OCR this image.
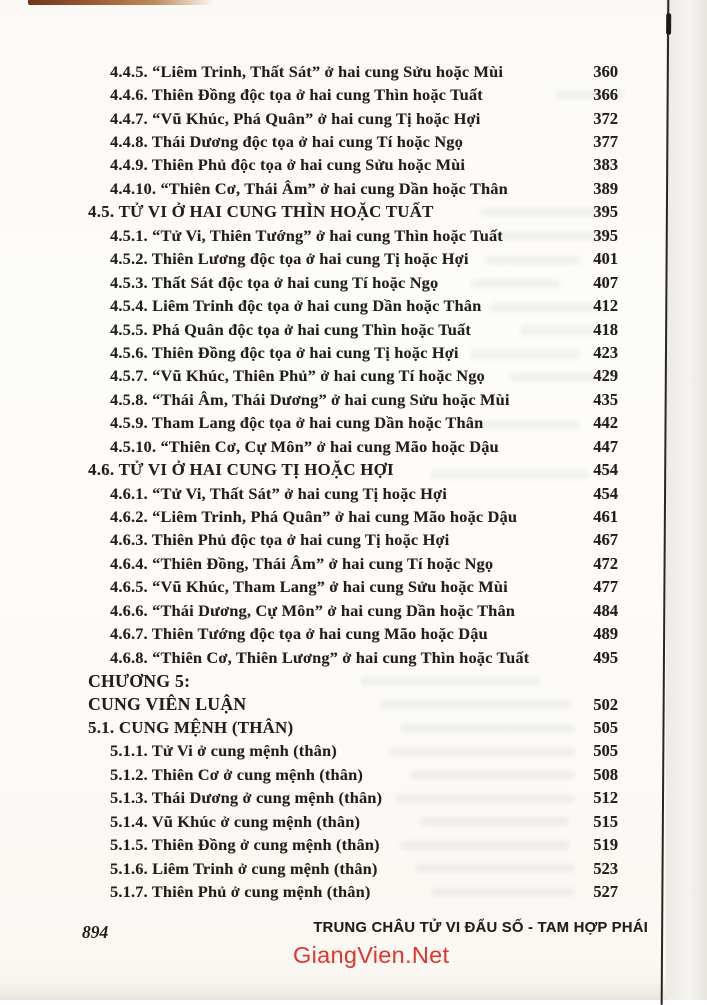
4.4.5. “Liêm Trinh, Thất Sát” ở hai cung Sửu hoặc Mùi	360
4.4.6. Thiên Đồng độc tọa ở hai cung Thìn hoặc Tuất	366
4.4.7. “Vũ Khúc, Phá Quân” ở hai cung Tị hoặc Hợi	372
4.4.8. Thái Dương độc tọa ở hai cung Tí hoặc Ngọ	377
4.4.9. Thiên Phủ độc tọa ở hai cung Sửu hoặc Mùi	383
4.4.10. “Thiên Cơ, Thái Âm” ở hai cung Dần hoặc Thân	389
4.5. TỬ VI Ở HAI CUNG THÌN HOẶC TUẤT	395
4.5.1. “Tử Vi, Thiên Tướng” ở hai cung Thìn hoặc Tuất	395
4.5.2. Thiên Lương độc tọa ở hai cung Tị hoặc Hợi	401
4.5.3. Thất Sát độc tọa ở hai cung Tí hoặc Ngọ	407
4.5.4. Liêm Trinh độc tọa ở hai cung Dần hoặc Thân	412
4.5.5. Phá Quân độc tọa ở hai cung Thìn hoặc Tuất	418
4.5.6. Thiên Đồng độc tọa ở hai cung Tị hoặc Hợi	423
4.5.7. “Vũ Khúc, Thiên Phủ” ở hai cung Tí hoặc Ngọ	429
4.5.8. “Thái Âm, Thái Dương” ở hai cung Sửu hoặc Mùi	435
4.5.9. Tham Lang độc tọa ở hai cung Dần hoặc Thân	442
4.5.10. “Thiên Cơ, Cự Môn” ở hai cung Mão hoặc Dậu	447
4.6. TỬ VI Ở HAI CUNG TỊ HOẶC HỢI	454
4.6.1. “Tử Vi, Thất Sát” ở hai cung Tị hoặc Hợi	454
4.6.2. “Liêm Trinh, Phá Quân” ở hai cung Mão hoặc Dậu	461
4.6.3. Thiên Phủ độc tọa ở hai cung Tị hoặc Hợi	467
4.6.4. “Thiên Đồng, Thái Âm” ở hai cung Tí hoặc Ngọ	472
4.6.5. “Vũ Khúc, Tham Lang” ở hai cung Sửu hoặc Mùi	477
4.6.6. “Thái Dương, Cự Môn” ở hai cung Dần hoặc Thân	484
4.6.7. Thiên Tướng độc tọa ở hai cung Mão hoặc Dậu	489
4.6.8. “Thiên Cơ, Thiên Lương” ở hai cung Thìn hoặc Tuất	495
CHƯƠNG 5:
CUNG VIÊN LUẬN	502
5.1. CUNG MỆNH (THÂN)	505
5.1.1. Tử Vi ở cung mệnh (thân)	505
5.1.2. Thiên Cơ ở cung mệnh (thân)	508
5.1.3. Thái Dương ở cung mệnh (thân)	512
5.1.4. Vũ Khúc ở cung mệnh (thân)	515
5.1.5. Thiên Đồng ở cung mệnh (thân)	519
5.1.6. Liêm Trinh ở cung mệnh (thân)	523
5.1.7. Thiên Phủ ở cung mệnh (thân)	527
894	TRUNG CHÂU TỬ VI ĐẨU SỐ - TAM HỢP PHÁI
GiangVien.Net
